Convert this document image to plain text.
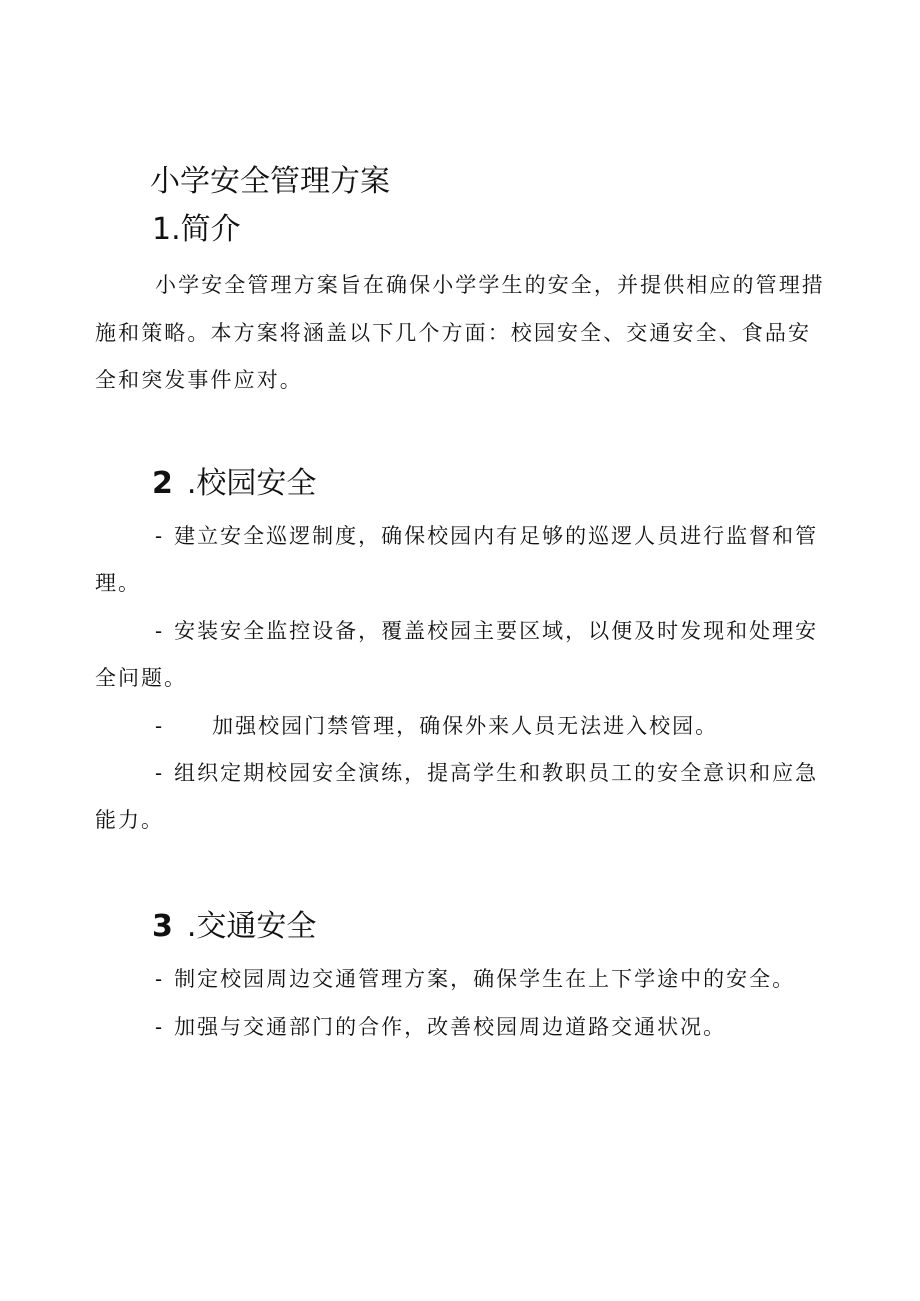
小学安全管理方案
1.简介
小学安全管理方案旨在确保小学学生的安全，并提供相应的管理措
施和策略。本方案将涵盖以下几个方面：校园安全、交通安全、食品安
全和突发事件应对。
2 .校园安全
- 建立安全巡逻制度，确保校园内有足够的巡逻人员进行监督和管
理。
- 安装安全监控设备，覆盖校园主要区域，以便及时发现和处理安
全问题。
- 加强校园门禁管理，确保外来人员无法进入校园。
- 组织定期校园安全演练，提高学生和教职员工的安全意识和应急
能力。
3 .交通安全
- 制定校园周边交通管理方案，确保学生在上下学途中的安全。
- 加强与交通部门的合作，改善校园周边道路交通状况。
